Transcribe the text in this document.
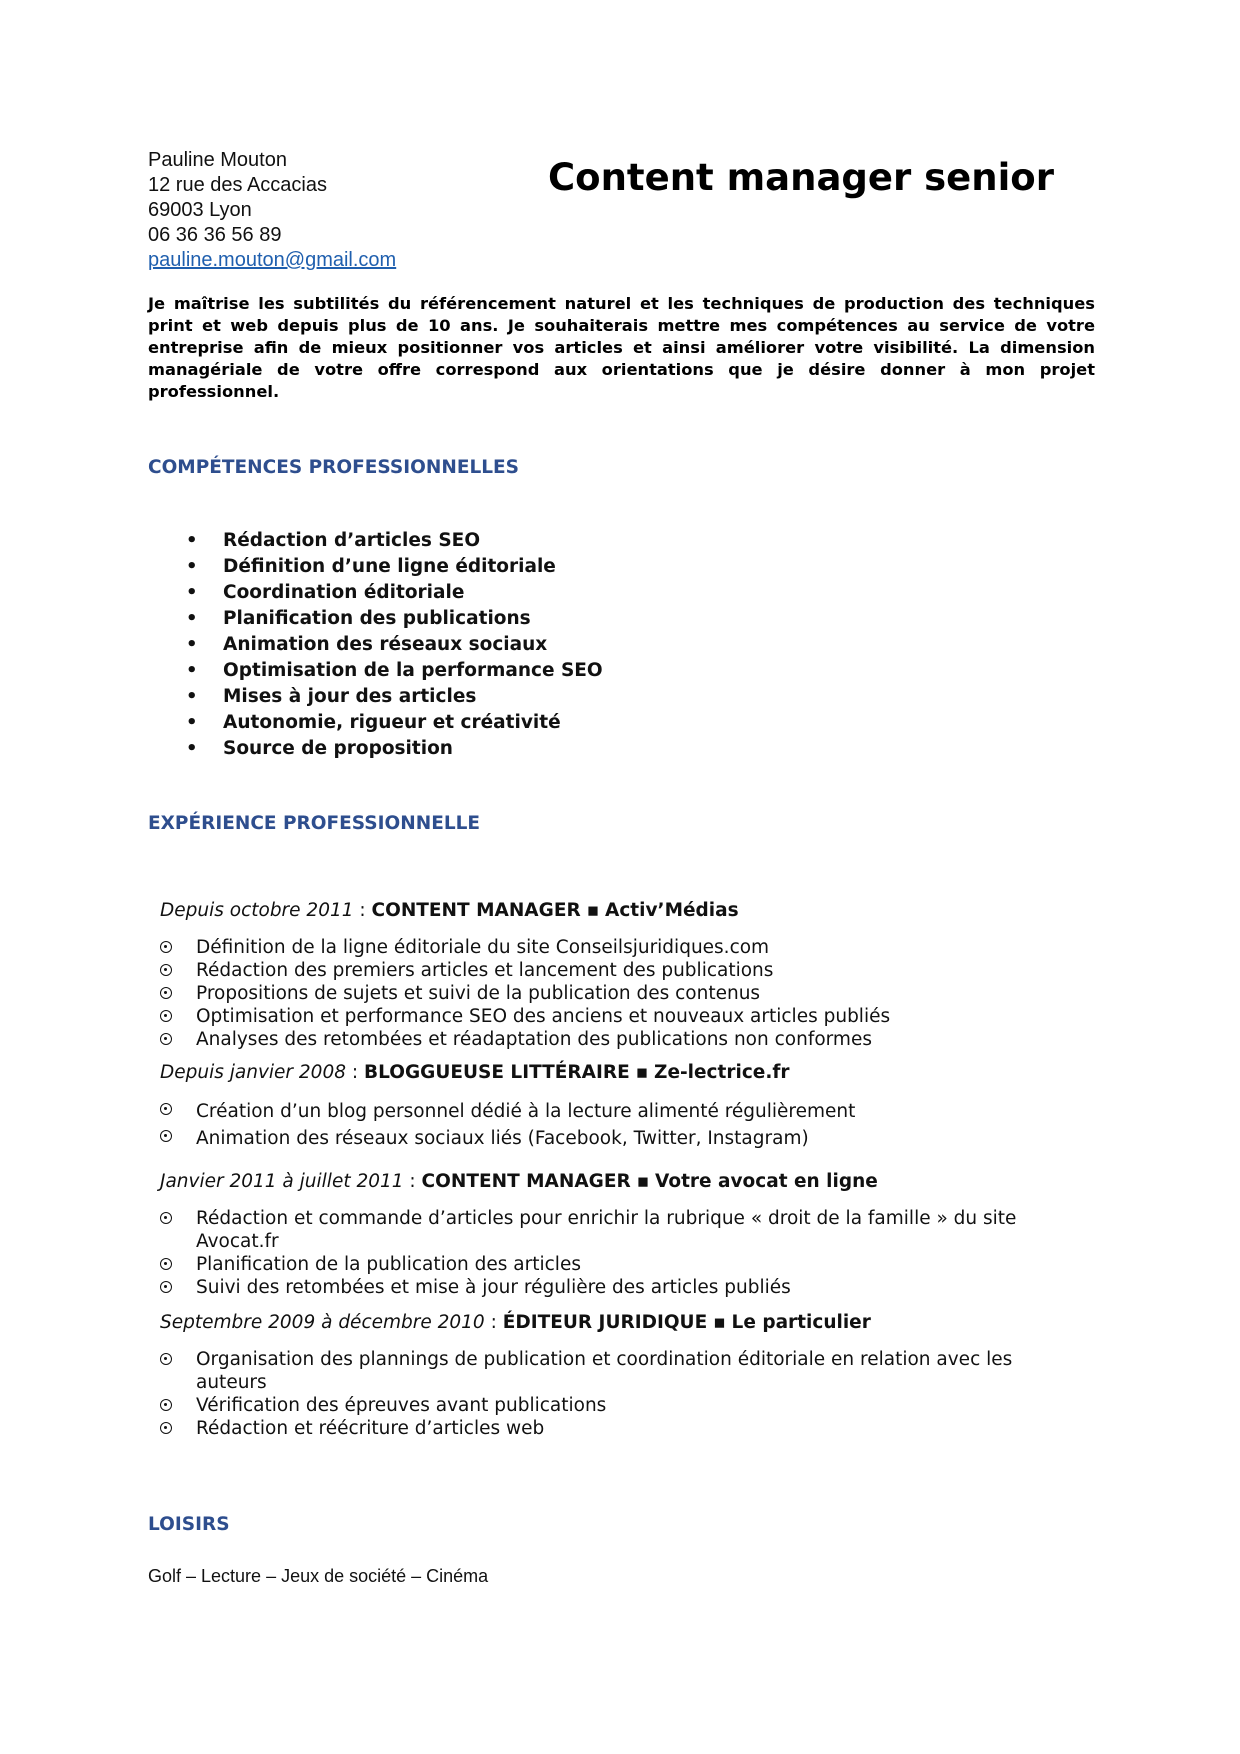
Pauline Mouton
12 rue des Accacias
69003 Lyon
06 36 36 56 89
pauline.mouton@gmail.com
Content manager senior
Je maîtrise les subtilités du référencement naturel et les techniques de production des techniques print et web depuis plus de 10 ans. Je souhaiterais mettre mes compétences au service de votre entreprise afin de mieux positionner vos articles et ainsi améliorer votre visibilité. La dimension managériale de votre offre correspond aux orientations que je désire donner à mon projet professionnel.
COMPÉTENCES PROFESSIONNELLES
• Rédaction d’articles SEO
• Définition d’une ligne éditoriale
• Coordination éditoriale
• Planification des publications
• Animation des réseaux sociaux
• Optimisation de la performance SEO
• Mises à jour des articles
• Autonomie, rigueur et créativité
• Source de proposition
EXPÉRIENCE PROFESSIONNELLE
Depuis octobre 2011 : CONTENT MANAGER ▪ Activ’Médias
Définition de la ligne éditoriale du site Conseilsjuridiques.com
Rédaction des premiers articles et lancement des publications
Propositions de sujets et suivi de la publication des contenus
Optimisation et performance SEO des anciens et nouveaux articles publiés
Analyses des retombées et réadaptation des publications non conformes
Depuis janvier 2008 : BLOGGUEUSE LITTÉRAIRE ▪ Ze-lectrice.fr
Création d’un blog personnel dédié à la lecture alimenté régulièrement
Animation des réseaux sociaux liés (Facebook, Twitter, Instagram)
Janvier 2011 à juillet 2011 : CONTENT MANAGER ▪ Votre avocat en ligne
Rédaction et commande d’articles pour enrichir la rubrique « droit de la famille » du site Avocat.fr
Planification de la publication des articles
Suivi des retombées et mise à jour régulière des articles publiés
Septembre 2009 à décembre 2010 : ÉDITEUR JURIDIQUE ▪ Le particulier
Organisation des plannings de publication et coordination éditoriale en relation avec les auteurs
Vérification des épreuves avant publications
Rédaction et réécriture d’articles web
LOISIRS
Golf – Lecture – Jeux de société – Cinéma
